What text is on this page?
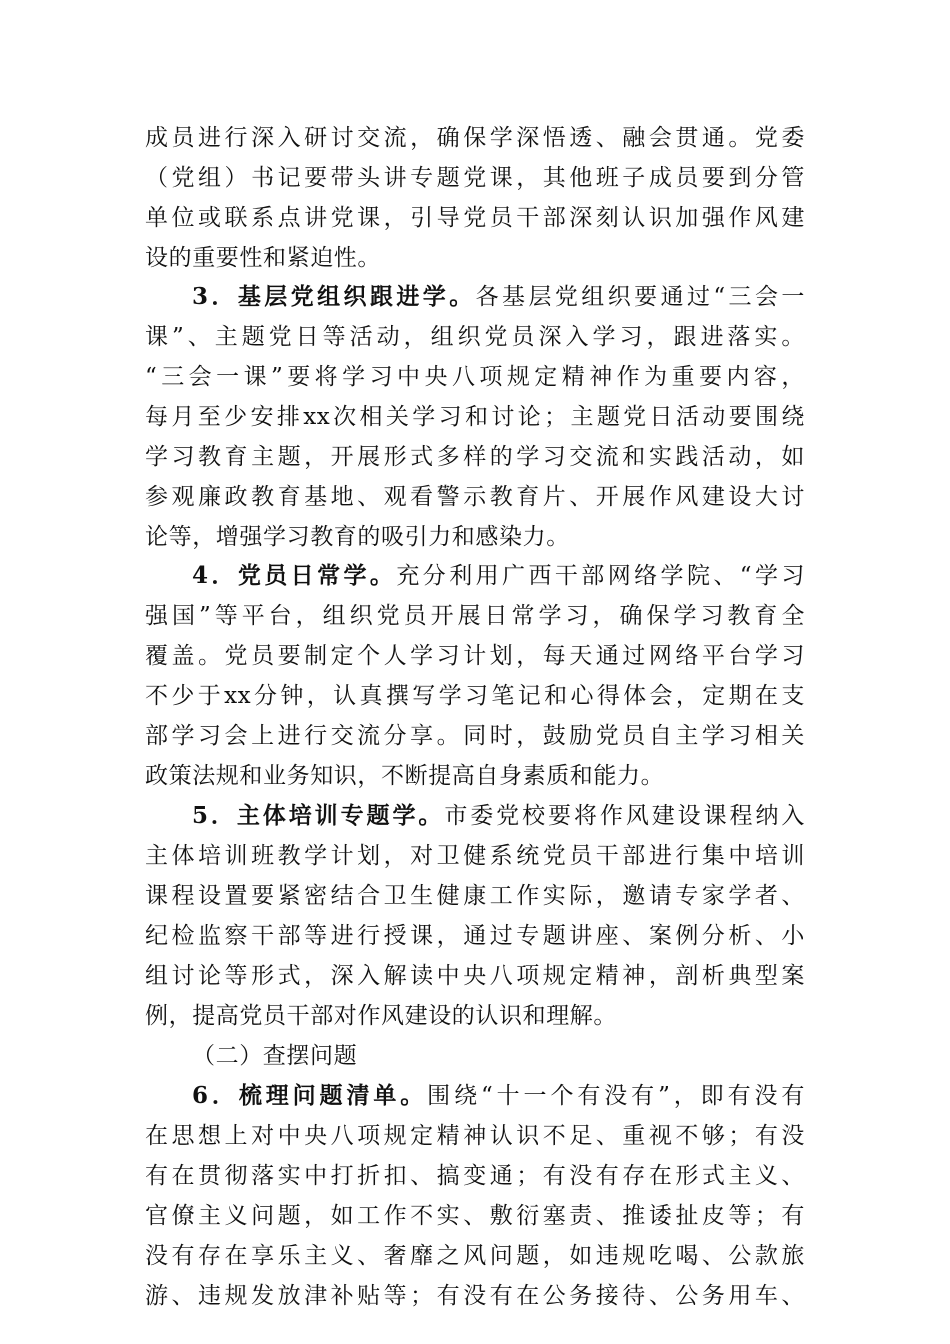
成员进行深入研讨交流，确保学深悟透、融会贯通。党委
（党组）书记要带头讲专题党课，其他班子成员要到分管
单位或联系点讲党课，引导党员干部深刻认识加强作风建
设的重要性和紧迫性。
3．基层党组织跟进学。各基层党组织要通过“三会一
课”、主题党日等活动，组织党员深入学习，跟进落实。
“三会一课”要将学习中央八项规定精神作为重要内容，
每月至少安排xx次相关学习和讨论；主题党日活动要围绕
学习教育主题，开展形式多样的学习交流和实践活动，如
参观廉政教育基地、观看警示教育片、开展作风建设大讨
论等，增强学习教育的吸引力和感染力。
4．党员日常学。充分利用广西干部网络学院、“学习
强国”等平台，组织党员开展日常学习，确保学习教育全
覆盖。党员要制定个人学习计划，每天通过网络平台学习
不少于xx分钟，认真撰写学习笔记和心得体会，定期在支
部学习会上进行交流分享。同时，鼓励党员自主学习相关
政策法规和业务知识，不断提高自身素质和能力。
5．主体培训专题学。市委党校要将作风建设课程纳入
主体培训班教学计划，对卫健系统党员干部进行集中培训
课程设置要紧密结合卫生健康工作实际，邀请专家学者、
纪检监察干部等进行授课，通过专题讲座、案例分析、小
组讨论等形式，深入解读中央八项规定精神，剖析典型案
例，提高党员干部对作风建设的认识和理解。
（二）查摆问题
6．梳理问题清单。围绕“十一个有没有”，即有没有
在思想上对中央八项规定精神认识不足、重视不够；有没
有在贯彻落实中打折扣、搞变通；有没有存在形式主义、
官僚主义问题，如工作不实、敷衍塞责、推诿扯皮等；有
没有存在享乐主义、奢靡之风问题，如违规吃喝、公款旅
游、违规发放津补贴等；有没有在公务接待、公务用车、
